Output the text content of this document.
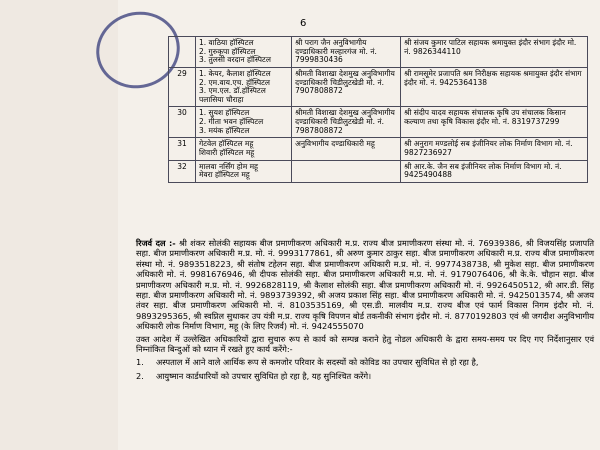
6

	1. वाठिया हॉस्पिटल
2. गुरुकृपा हॉस्पिटल
3. तुलसी वरदान हॉस्पिटल	श्री पराग जैन अनुविभागीय दण्डाधिकारी मल्हारगंज मो. नं. 7999830436	श्री संजय कुमार पाटिल सहायक श्रमायुक्त इंदौर संभाग इंदौर मो. नं. 9826344110
29	1. केयर, कैलाश हॉस्पिटल
2. एम.वाय.एच. हॉस्पिटल
3. एम.एल. डॉ.हॉस्पिटल पलासिया चौराहा	श्रीमती विशाखा देशमुख अनुविभागीय दण्डाधिकारी चिडीलुटखेडी मो. नं. 7907808872	श्री रामसूमेर प्रजापति श्रम निरीक्षक सहायक श्रमायुक्त इंदौर संभाग इंदौर मो. नं. 9425364138
30	1. सुयश हॉस्पिटल
2. गीता भवन हॉस्पिटल
3. मयंक हॉस्पिटल	श्रीमती विशाखा देशमुख अनुविभागीय दण्डाधिकारी चिडीलुटखेडी मो. नं. 7987808872	श्री संदीप यादव सहायक संचालक कृषि उप संचालक किसान कल्याण तथा कृषि विकास इंदौर मो. नं. 8319737299
31	गेटवेल हॉस्पिटल महू
शिवारी हॉस्पिटल महू	अनुविभागीय दण्डाधिकारी महू	श्री अनुराग मण्डलोई सब इंजीनियर लोक निर्माण विभाग मो. नं. 9827236927
32	मालवा नर्सिंग होम महू
मेवरा हॉस्पिटल महू		श्री आर.के. जैन सब इंजीनियर लोक निर्माण विभाग मो. नं. 9425490488

रिजर्व दल :- श्री शंकर सोलंकी सहायक बीज प्रमाणीकरण अधिकारी म.प्र. राज्य बीज प्रमाणीकरण संस्था मो. नं. 76939386, श्री विजयसिंह प्रजापति सहा. बीज प्रमाणीकरण अधिकारी म.प्र. मो. नं. 9993177861, श्री अरुण कुमार ठाकुर सहा. बीज प्रमाणीकरण अधिकारी म.प्र. राज्य बीज प्रमाणीकरण संस्था मो. नं. 9893518223, श्री संतोष टहेलन सहा. बीज प्रमाणीकरण अधिकारी म.प्र. मो. नं. 9977438738, श्री मुकेश सहा. बीज प्रमाणीकरण अधिकारी मो. नं. 9981676946, श्री दीपक सोलंकी सहा. बीज प्रमाणीकरण अधिकारी म.प्र. मो. नं. 9179076406, श्री के.के. चौहान सहा. बीज प्रमाणीकरण अधिकारी म.प्र. मो. नं. 9926828119, श्री कैलाश सोलंकी सहा. बीज प्रमाणीकरण अधिकारी मो. नं. 9926450512, श्री आर.डी. सिंह सहा. बीज प्रमाणीकरण अधिकारी मो. नं. 9893739392, श्री अजय प्रकाश सिंह सहा. बीज प्रमाणीकरण अधिकारी मो. नं. 9425013574, श्री अजय तंवर सहा. बीज प्रमाणीकरण अधिकारी मो. नं. 8103535169, श्री एस.डी. मालवीय म.प्र. राज्य बीज एवं फार्म विकास निगम इंदौर मो. नं. 9893295365, श्री स्वप्निल सुधाकर उप यंत्री म.प्र. राज्य कृषि विपणन बोर्ड तकनीकी संभाग इंदौर मो. नं. 8770192803 एवं श्री जगदीश अनुविभागीय अधिकारी लोक निर्माण विभाग, महू (के लिए रिजर्व) मो. नं. 9424555070

उक्त आदेश में उल्लेखित अधिकारियों द्वारा सुचारु रूप से कार्य को सम्पन्न कराने हेतु नोडल अधिकारी के द्वारा समय-समय पर दिए गए निर्देशानुसार एवं निम्नांकित बिन्दुओं को ध्यान में रखते हुए कार्य करेंगे:-

1.	अस्पताल में आने वाले आर्थिक रूप से कमजोर परिवार के सदस्यों को कोविड का उपचार सुविधित से हो रहा है,
2.	आयुष्मान कार्डधारियों को उपचार सुविधित हो रहा है, यह सुनिश्चित करेंगे।
